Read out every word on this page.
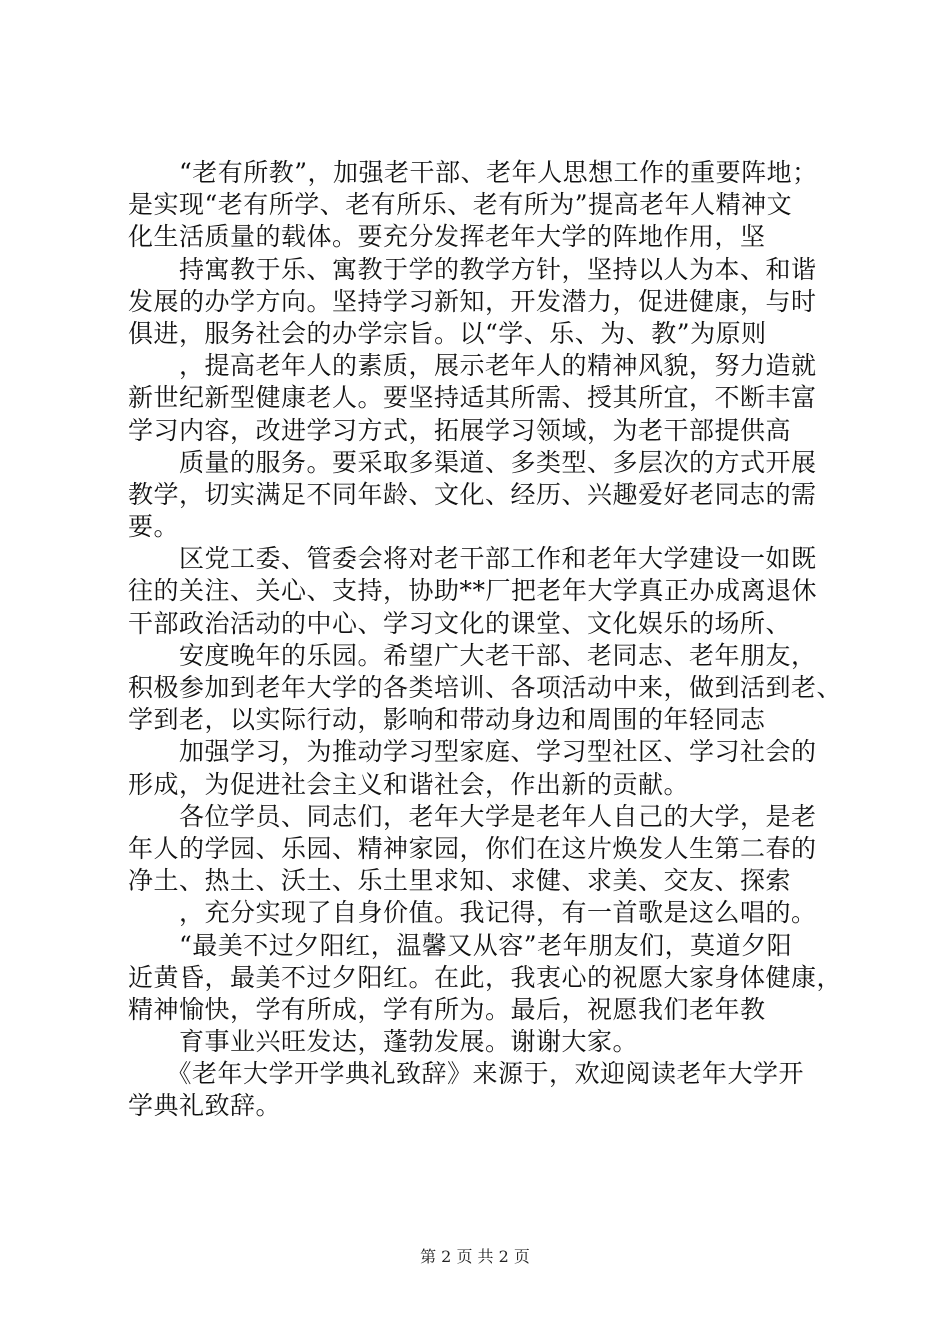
　　“老有所教”，加强老干部、老年人思想工作的重要阵地；
是实现“老有所学、老有所乐、老有所为”提高老年人精神文
化生活质量的载体。要充分发挥老年大学的阵地作用，坚
　　持寓教于乐、寓教于学的教学方针，坚持以人为本、和谐
发展的办学方向。坚持学习新知，开发潜力，促进健康，与时
俱进，服务社会的办学宗旨。以“学、乐、为、教”为原则
　　，提高老年人的素质，展示老年人的精神风貌，努力造就
新世纪新型健康老人。要坚持适其所需、授其所宜，不断丰富
学习内容，改进学习方式，拓展学习领域，为老干部提供高
　　质量的服务。要采取多渠道、多类型、多层次的方式开展
教学，切实满足不同年龄、文化、经历、兴趣爱好老同志的需
要。
　　区党工委、管委会将对老干部工作和老年大学建设一如既
往的关注、关心、支持，协助**厂把老年大学真正办成离退休
干部政治活动的中心、学习文化的课堂、文化娱乐的场所、
　　安度晚年的乐园。希望广大老干部、老同志、老年朋友，
积极参加到老年大学的各类培训、各项活动中来，做到活到老、
学到老，以实际行动，影响和带动身边和周围的年轻同志
　　加强学习，为推动学习型家庭、学习型社区、学习社会的
形成，为促进社会主义和谐社会，作出新的贡献。
　　各位学员、同志们，老年大学是老年人自己的大学，是老
年人的学园、乐园、精神家园，你们在这片焕发人生第二春的
净土、热土、沃土、乐土里求知、求健、求美、交友、探索
　　，充分实现了自身价值。我记得，有一首歌是这么唱的。
　　“最美不过夕阳红，温馨又从容”老年朋友们，莫道夕阳
近黄昏，最美不过夕阳红。在此，我衷心的祝愿大家身体健康，
精神愉快，学有所成，学有所为。最后，祝愿我们老年教
　　育事业兴旺发达，蓬勃发展。谢谢大家。
　　《老年大学开学典礼致辞》来源于，欢迎阅读老年大学开
学典礼致辞。
第 2 页 共 2 页
